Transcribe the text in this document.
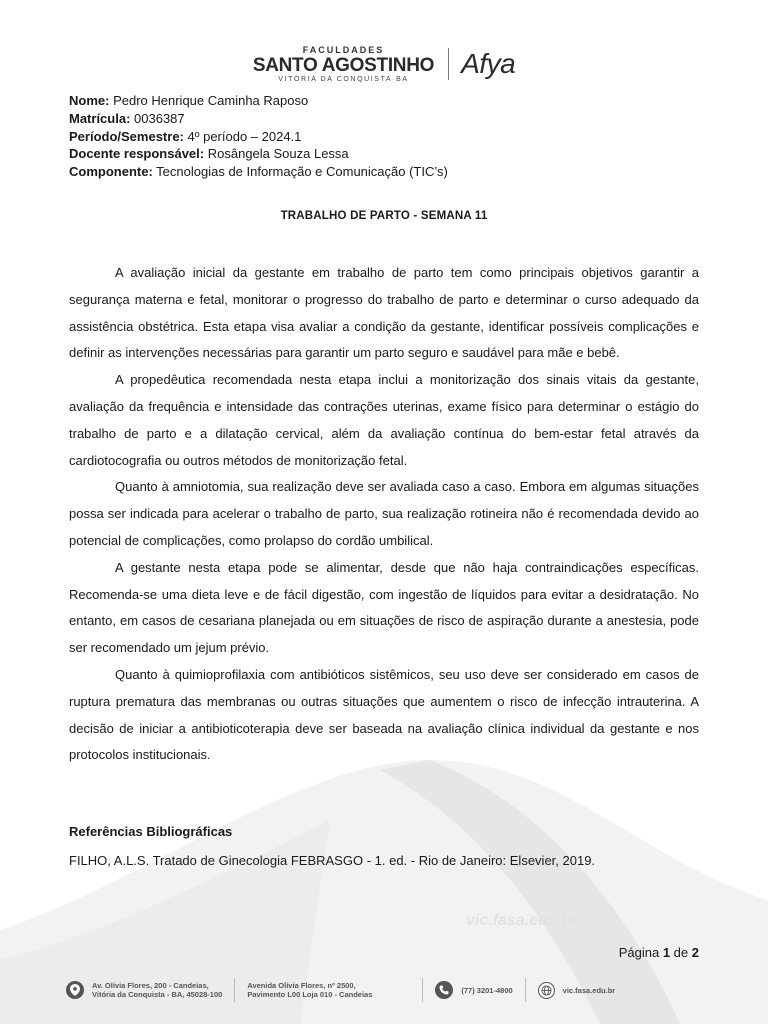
FACULDADES
SANTO AGOSTINHO
VITÓRIA DA CONQUISTA·BA	Afya
Nome: Pedro Henrique Caminha Raposo
Matrícula: 0036387
Período/Semestre: 4º período – 2024.1
Docente responsável: Rosângela Souza Lessa
Componente: Tecnologias de Informação e Comunicação (TIC’s)
TRABALHO DE PARTO - SEMANA 11

A avaliação inicial da gestante em trabalho de parto tem como principais objetivos garantir a segurança materna e fetal, monitorar o progresso do trabalho de parto e determinar o curso adequado da assistência obstétrica. Esta etapa visa avaliar a condição da gestante, identificar possíveis complicações e definir as intervenções necessárias para garantir um parto seguro e saudável para mãe e bebê.

A propedêutica recomendada nesta etapa inclui a monitorização dos sinais vitais da gestante, avaliação da frequência e intensidade das contrações uterinas, exame físico para determinar o estágio do trabalho de parto e a dilatação cervical, além da avaliação contínua do bem-estar fetal através da cardiotocografia ou outros métodos de monitorização fetal.

Quanto à amniotomia, sua realização deve ser avaliada caso a caso. Embora em algumas situações possa ser indicada para acelerar o trabalho de parto, sua realização rotineira não é recomendada devido ao potencial de complicações, como prolapso do cordão umbilical.

A gestante nesta etapa pode se alimentar, desde que não haja contraindicações específicas. Recomenda-se uma dieta leve e de fácil digestão, com ingestão de líquidos para evitar a desidratação. No entanto, em casos de cesariana planejada ou em situações de risco de aspiração durante a anestesia, pode ser recomendado um jejum prévio.

Quanto à quimioprofilaxia com antibióticos sistêmicos, seu uso deve ser considerado em casos de ruptura prematura das membranas ou outras situações que aumentem o risco de infecção intrauterina. A decisão de iniciar a antibioticoterapia deve ser baseada na avaliação clínica individual da gestante e nos protocolos institucionais.

Referências Bibliográficas
FILHO, A.L.S. Tratado de Ginecologia FEBRASGO - 1. ed. - Rio de Janeiro: Elsevier, 2019.
vic.fasa.edu.br
Página 1 de 2
Av. Olívia Flores, 200 - Candeias,
Vitória da Conquista - BA, 45028-100
Avenida Olívia Flores, nº 2500,
Pavimento L00 Loja 010 - Candeias	(77) 3201-4800	vic.fasa.edu.br
